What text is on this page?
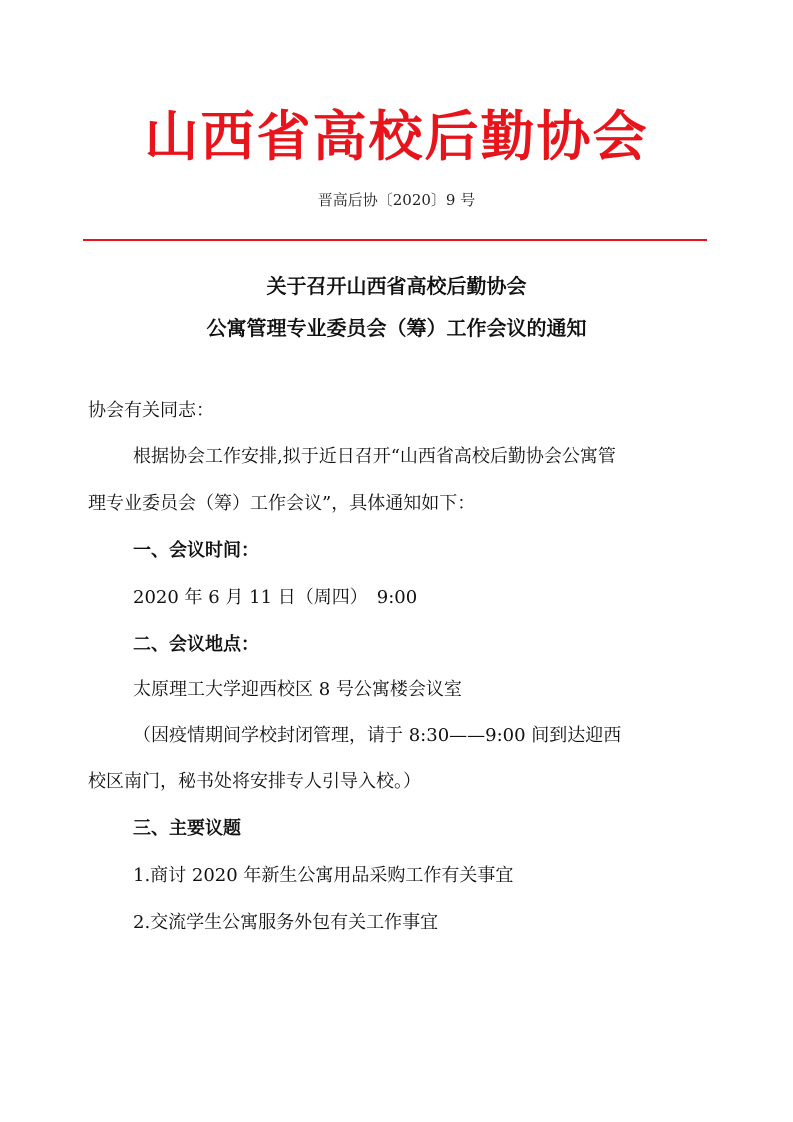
山西省高校后勤协会
晋高后协〔2020〕9 号
关于召开山西省高校后勤协会
公寓管理专业委员会（筹）工作会议的通知
协会有关同志：
根据协会工作安排,拟于近日召开“山西省高校后勤协会公寓管
理专业委员会（筹）工作会议”，具体通知如下：
一、会议时间：
2020 年 6 月 11 日（周四）　9:00
二、会议地点：
太原理工大学迎西校区 8 号公寓楼会议室
（因疫情期间学校封闭管理，请于 8:30——9:00 间到达迎西
校区南门，秘书处将安排专人引导入校。）
三、主要议题
1.商讨 2020 年新生公寓用品采购工作有关事宜
2.交流学生公寓服务外包有关工作事宜
